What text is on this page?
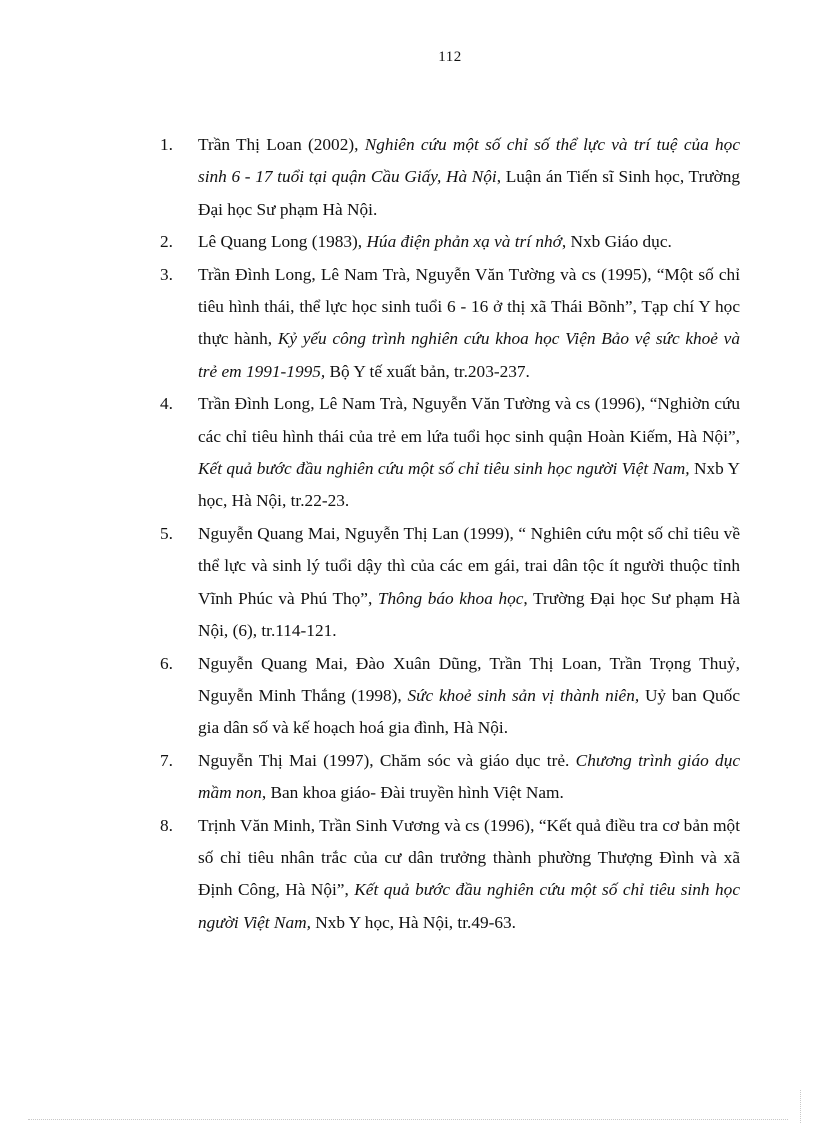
112
1. Trần Thị Loan (2002), Nghiên cứu một số chỉ số thể lực và trí tuệ của học sinh 6 - 17 tuổi tại quận Cầu Giấy, Hà Nội, Luận án Tiến sĩ Sinh học, Trường Đại học Sư phạm Hà Nội.
2. Lê Quang Long (1983), Húa điện phản xạ và trí nhớ, Nxb Giáo dục.
3. Trần Đình Long, Lê Nam Trà, Nguyễn Văn Tường và cs (1995), “Một số chỉ tiêu hình thái, thể lực học sinh tuổi 6 - 16 ở thị xã Thái Bõnh”, Tạp chí Y học thực hành, Kỷ yếu công trình nghiên cứu khoa học Viện Bảo vệ sức khoẻ và trẻ em 1991-1995, Bộ Y tế xuất bản, tr.203-237.
4. Trần Đình Long, Lê Nam Trà, Nguyễn Văn Tường và cs (1996), “Nghiờn cứu các chỉ tiêu hình thái của trẻ em lứa tuổi học sinh quận Hoàn Kiếm, Hà Nội”, Kết quả bước đầu nghiên cứu một số chỉ tiêu sinh học người Việt Nam, Nxb Y học, Hà Nội, tr.22-23.
5. Nguyễn Quang Mai, Nguyễn Thị Lan (1999), “ Nghiên cứu một số chỉ tiêu về thể lực và sinh lý tuổi dậy thì của các em gái, trai dân tộc ít người thuộc tỉnh Vĩnh Phúc và Phú Thọ”, Thông báo khoa học, Trường Đại học Sư phạm Hà Nội, (6), tr.114-121.
6. Nguyễn Quang Mai, Đào Xuân Dũng, Trần Thị Loan, Trần Trọng Thuỷ, Nguyễn Minh Thắng (1998), Sức khoẻ sinh sản vị thành niên, Uỷ ban Quốc gia dân số và kế hoạch hoá gia đình, Hà Nội.
7. Nguyễn Thị Mai (1997), Chăm sóc và giáo dục trẻ. Chương trình giáo dục mầm non, Ban khoa giáo- Đài truyền hình Việt Nam.
8. Trịnh Văn Minh, Trần Sinh Vương và cs (1996), “Kết quả điều tra cơ bản một số chỉ tiêu nhân trắc của cư dân trưởng thành phường Thượng Đình và xã Định Công, Hà Nội”, Kết quả bước đầu nghiên cứu một số chỉ tiêu sinh học người Việt Nam, Nxb Y học, Hà Nội, tr.49-63.
